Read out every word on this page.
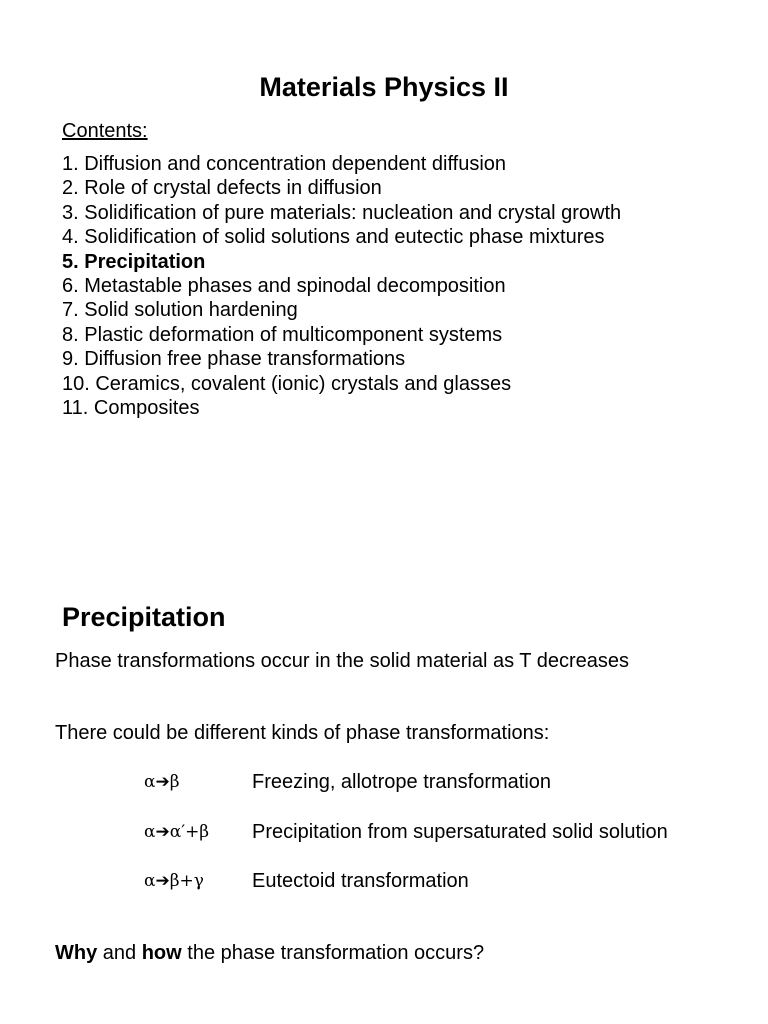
Materials Physics II
Contents:
1. Diffusion and concentration dependent diffusion
2. Role of crystal defects in diffusion
3. Solidification of pure materials: nucleation and crystal growth
4. Solidification of solid solutions and eutectic phase mixtures
5. Precipitation
6. Metastable phases and spinodal decomposition
7. Solid solution hardening
8. Plastic deformation of multicomponent systems
9. Diffusion free phase transformations
10. Ceramics, covalent (ionic) crystals and glasses
11. Composites
Precipitation
Phase transformations occur in the solid material as T decreases
There could be different kinds of phase transformations:
α➔β	Freezing, allotrope transformation
α➔α′+β Precipitation from supersaturated solid solution
α➔β+γ Eutectoid transformation
Why and how the phase transformation occurs?
